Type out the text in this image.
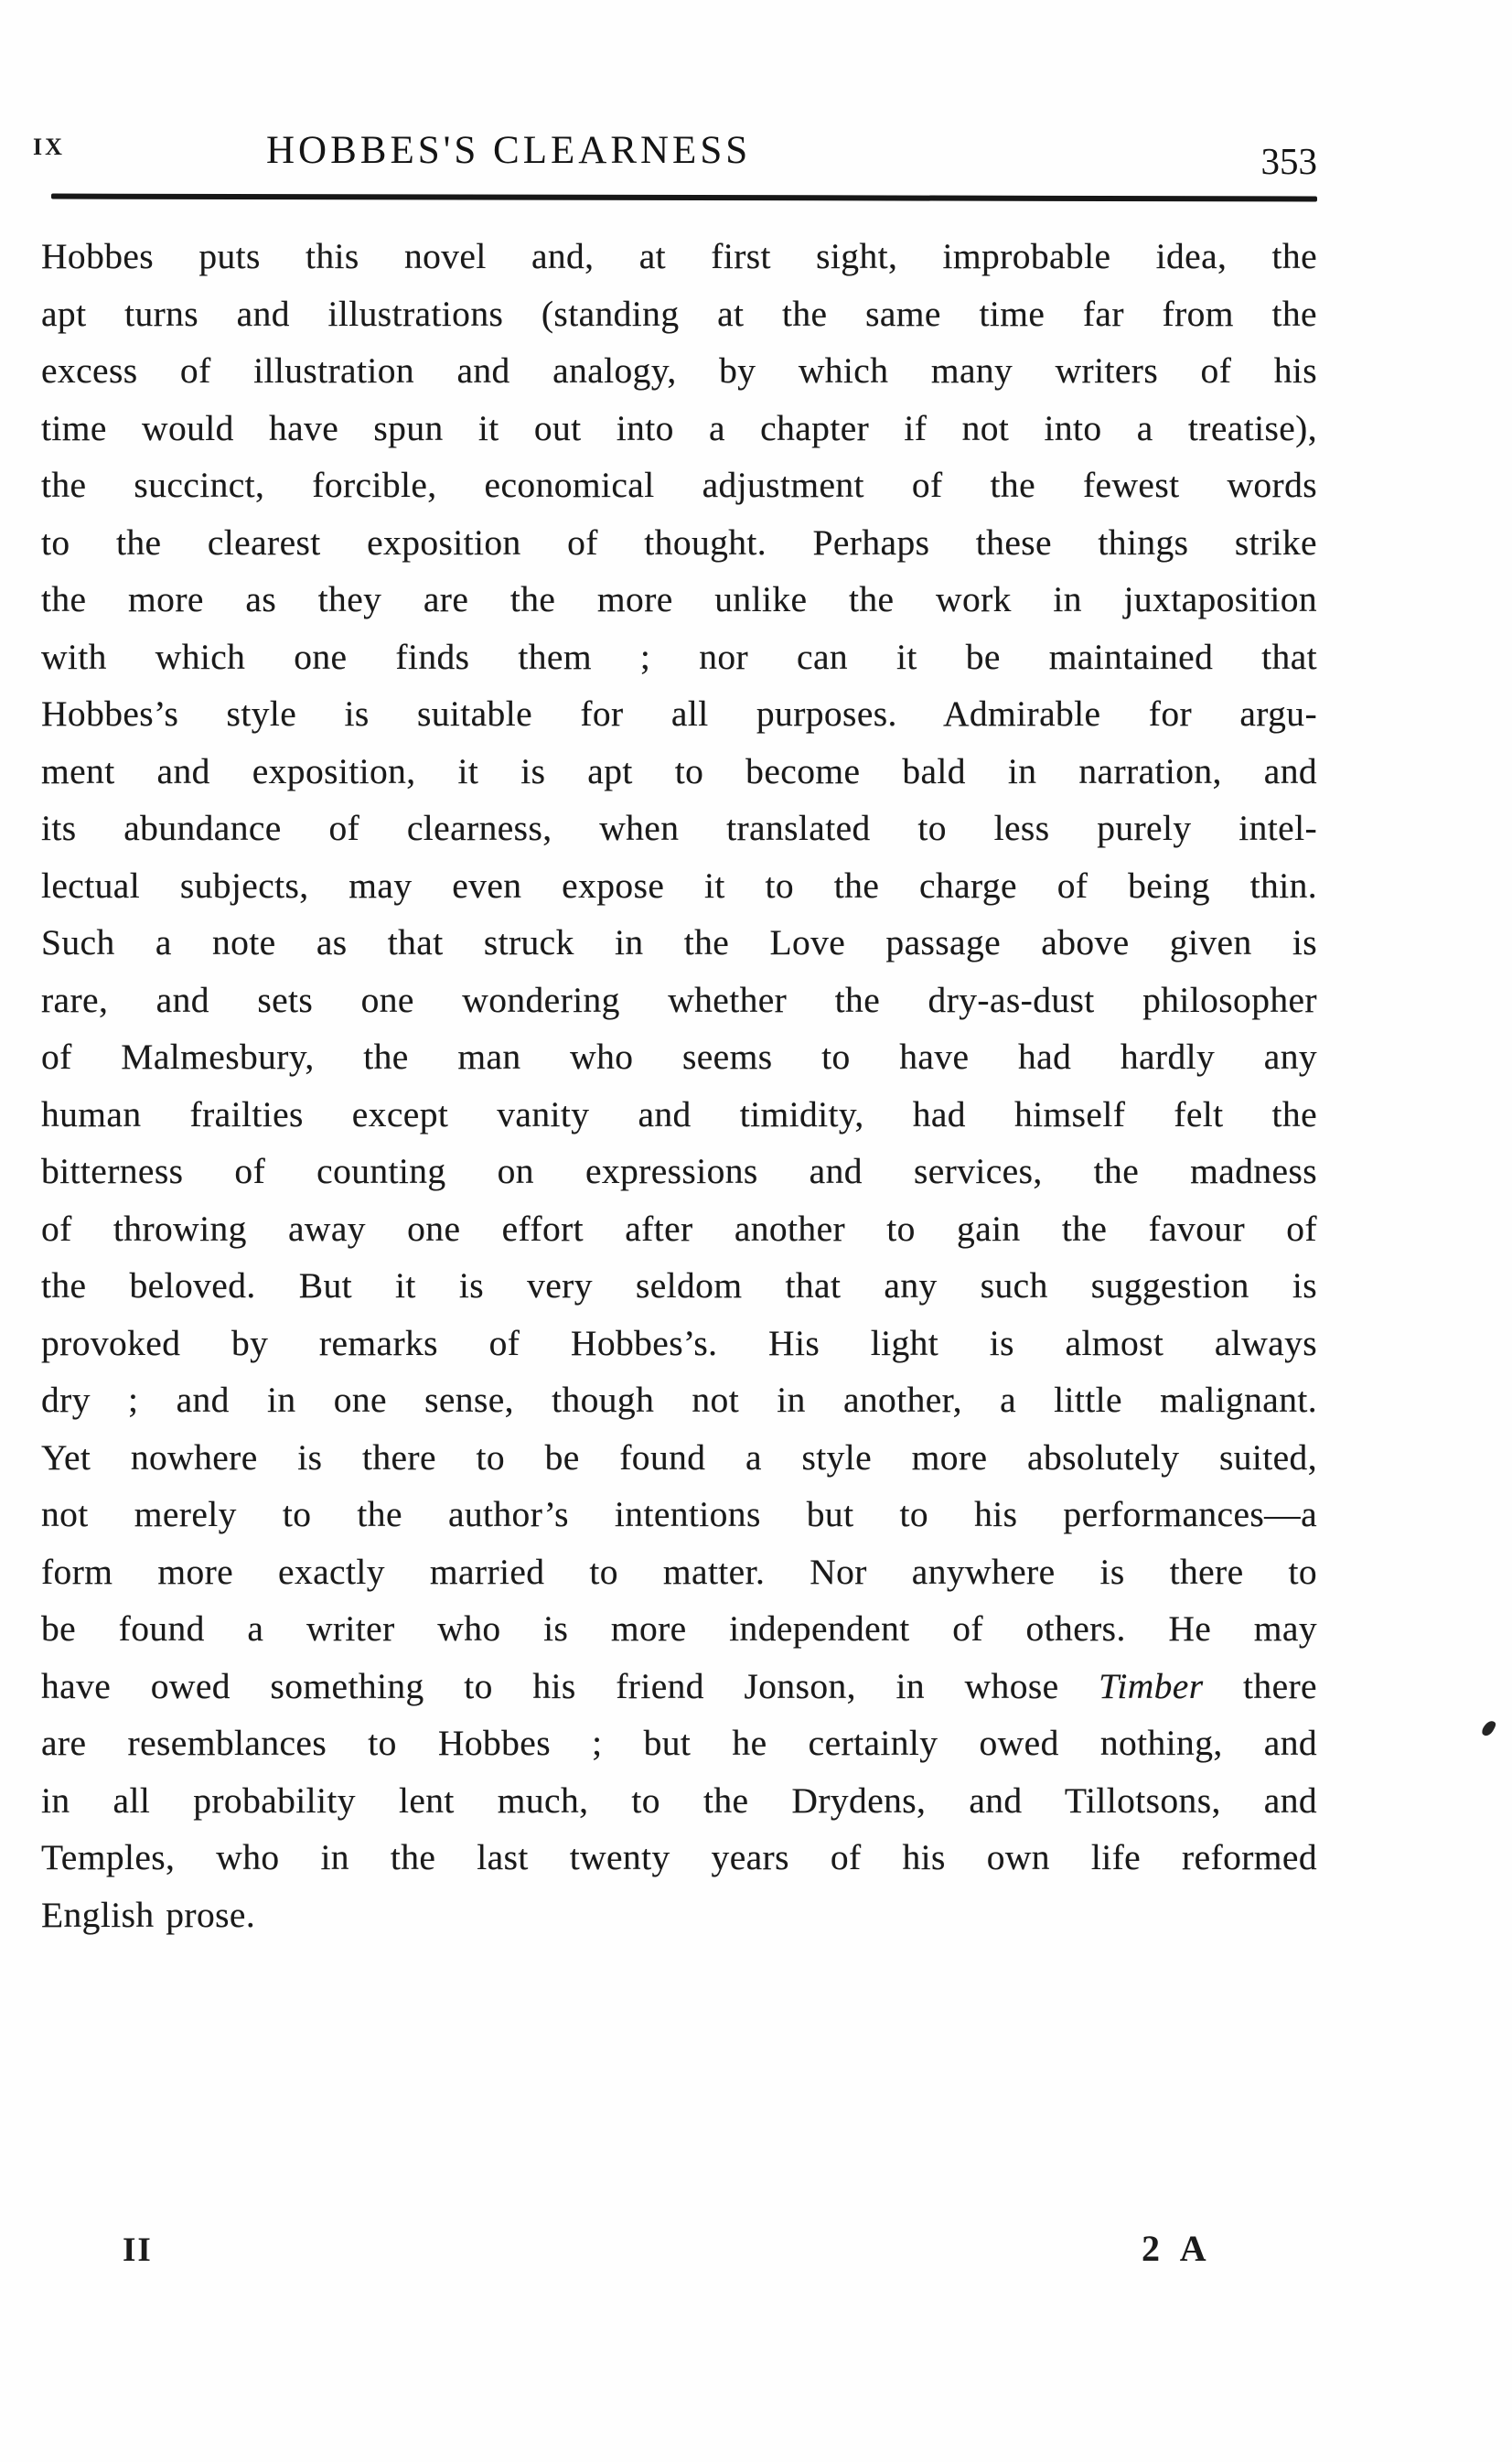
IX	HOBBES'S CLEARNESS	353
Hobbes puts this novel and, at first sight, improbable idea, the
apt turns and illustrations (standing at the same time far from the
excess of illustration and analogy, by which many writers of his
time would have spun it out into a chapter if not into a treatise),
the succinct, forcible, economical adjustment of the fewest words
to the clearest exposition of thought. Perhaps these things strike
the more as they are the more unlike the work in juxtaposition
with which one finds them ; nor can it be maintained that
Hobbes’s style is suitable for all purposes. Admirable for argu-
ment and exposition, it is apt to become bald in narration, and
its abundance of clearness, when translated to less purely intel-
lectual subjects, may even expose it to the charge of being thin.
Such a note as that struck in the Love passage above given is
rare, and sets one wondering whether the dry-as-dust philosopher
of Malmesbury, the man who seems to have had hardly any
human frailties except vanity and timidity, had himself felt the
bitterness of counting on expressions and services, the madness
of throwing away one effort after another to gain the favour of
the beloved. But it is very seldom that any such suggestion is
provoked by remarks of Hobbes’s. His light is almost always
dry ; and in one sense, though not in another, a little malignant.
Yet nowhere is there to be found a style more absolutely suited,
not merely to the author’s intentions but to his performances—a
form more exactly married to matter. Nor anywhere is there to
be found a writer who is more independent of others. He may
have owed something to his friend Jonson, in whose Timber there
are resemblances to Hobbes ; but he certainly owed nothing, and
in all probability lent much, to the Drydens, and Tillotsons, and
Temples, who in the last twenty years of his own life reformed
English prose.
II	2 A
